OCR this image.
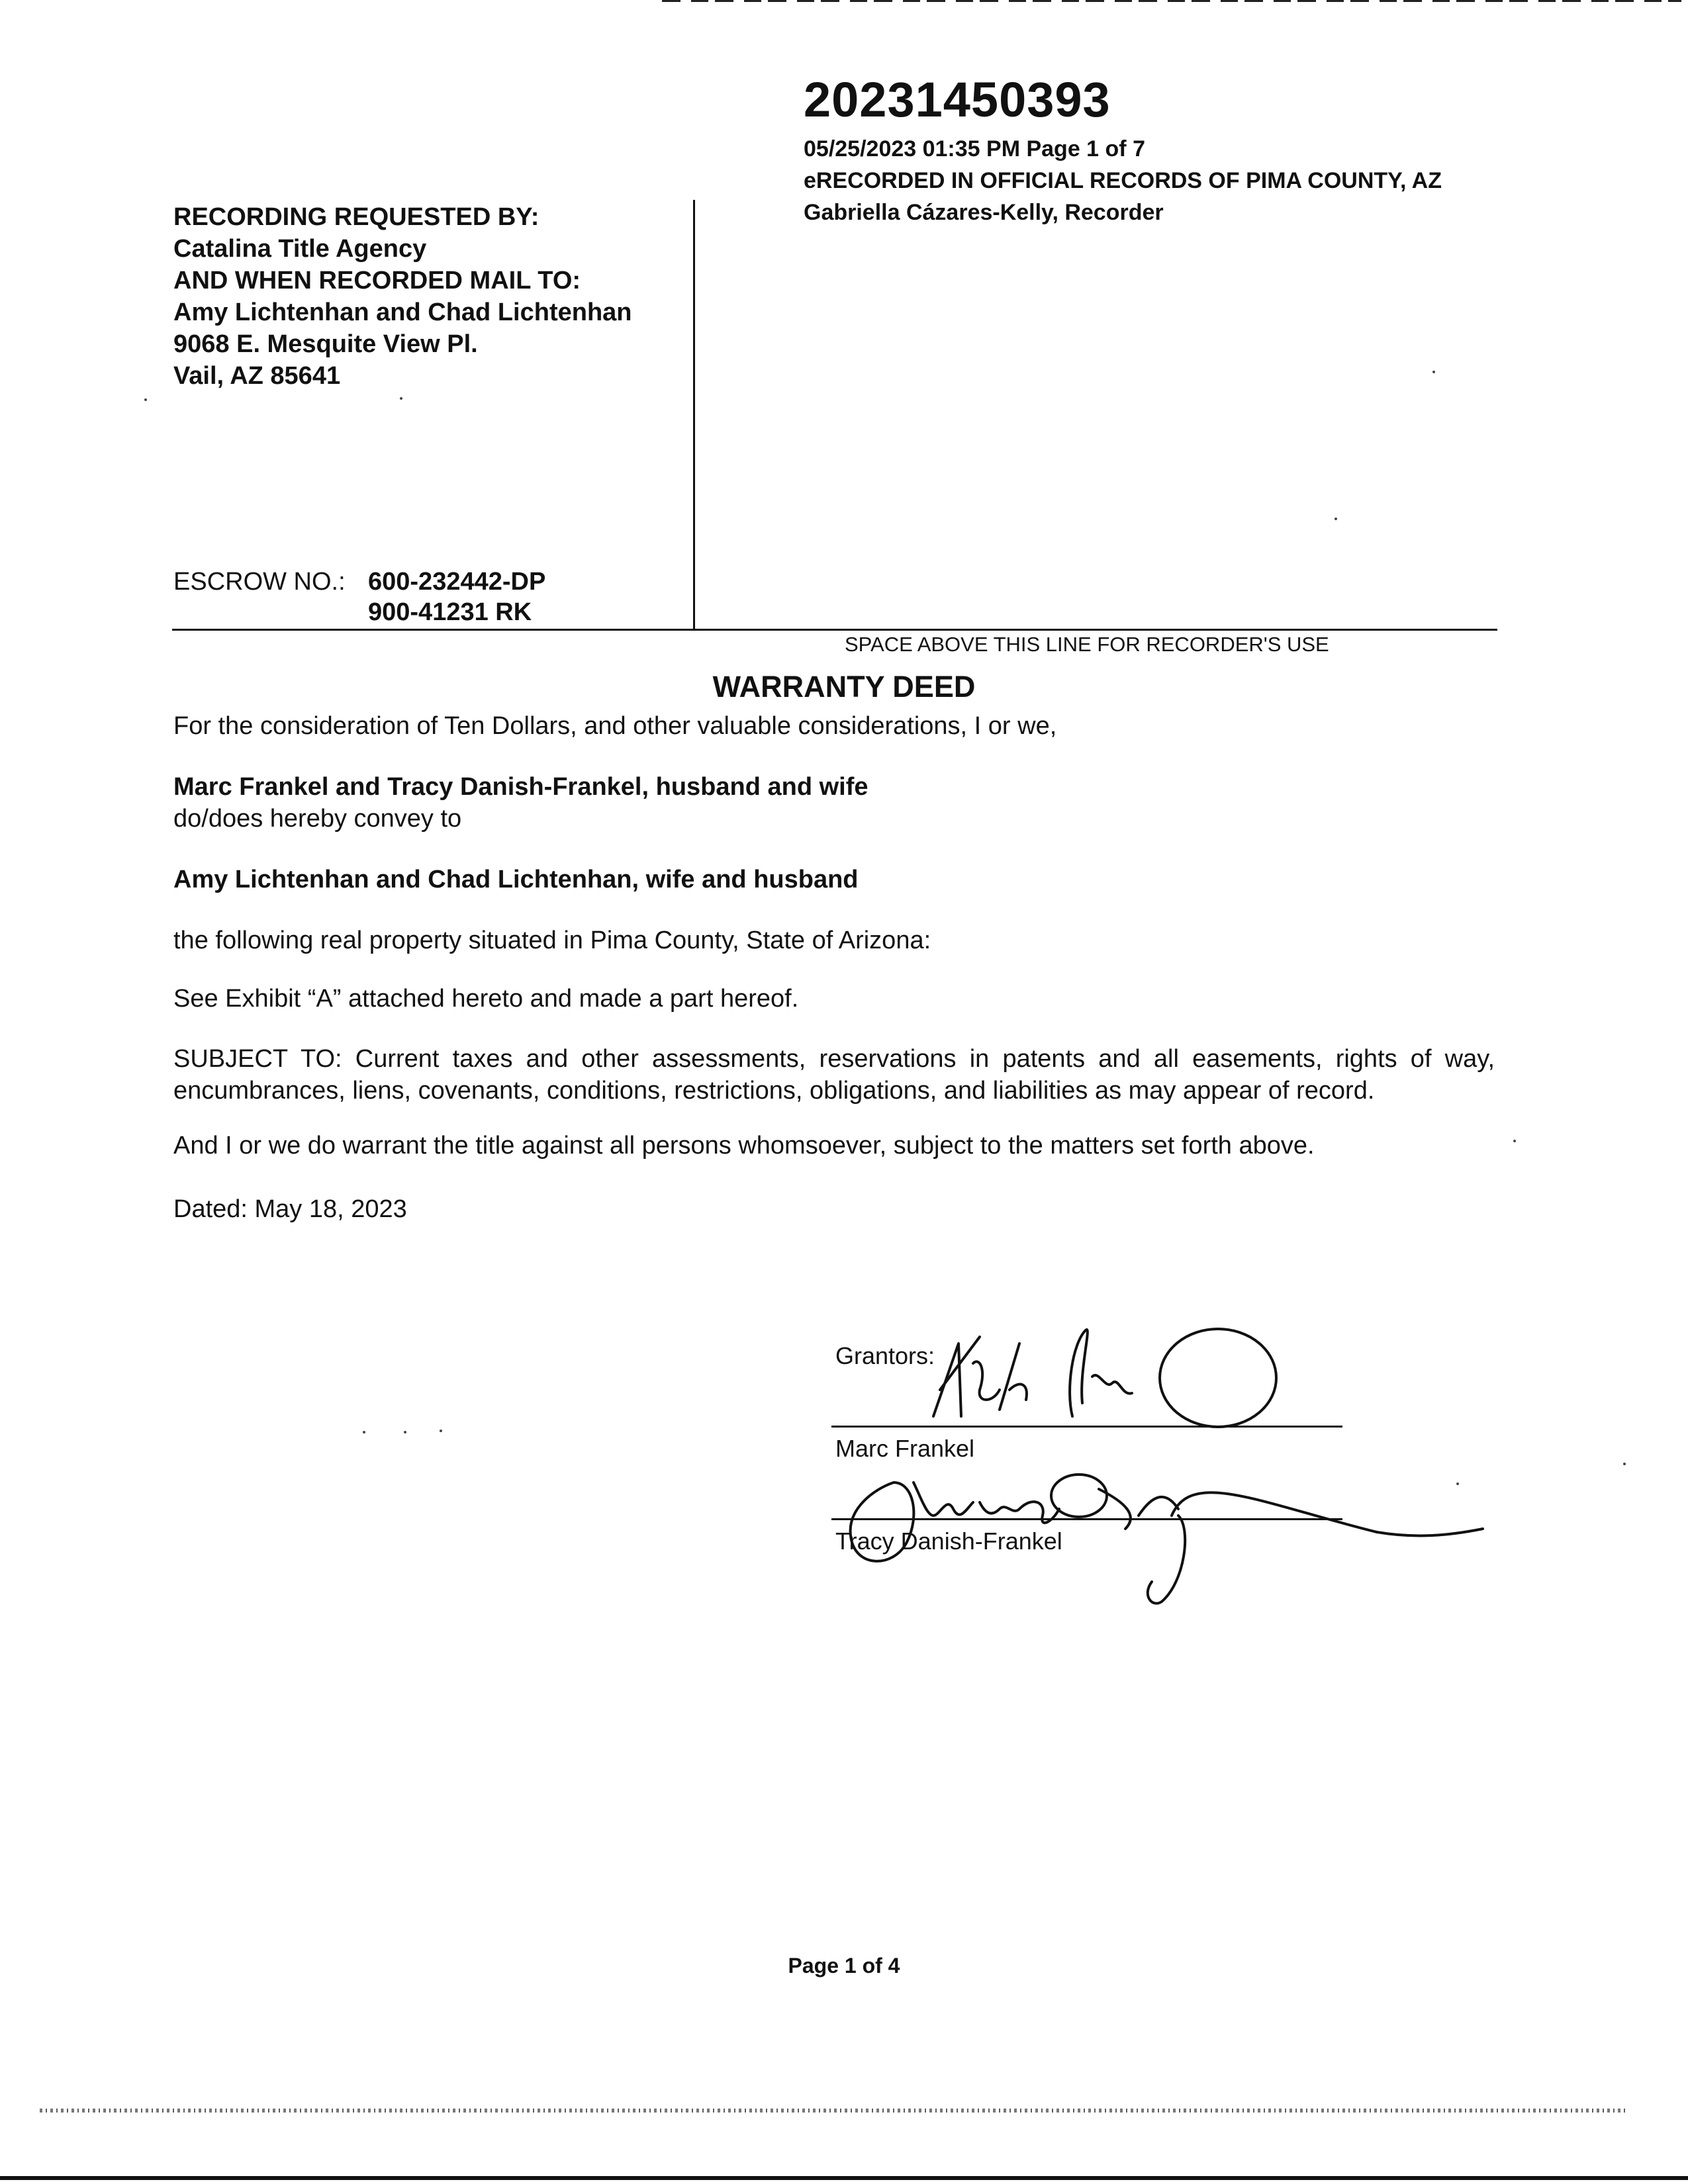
20231450393
05/25/2023 01:35 PM Page 1 of 7
eRECORDED IN OFFICIAL RECORDS OF PIMA COUNTY, AZ
Gabriella Cázares-Kelly, Recorder
RECORDING REQUESTED BY:
Catalina Title Agency
AND WHEN RECORDED MAIL TO:
Amy Lichtenhan and Chad Lichtenhan
9068 E. Mesquite View Pl.
Vail, AZ 85641
ESCROW NO.: 600-232442-DP
900-41231 RK
SPACE ABOVE THIS LINE FOR RECORDER'S USE
WARRANTY DEED
For the consideration of Ten Dollars, and other valuable considerations, I or we,
Marc Frankel and Tracy Danish-Frankel, husband and wife
do/does hereby convey to
Amy Lichtenhan and Chad Lichtenhan, wife and husband
the following real property situated in Pima County, State of Arizona:
See Exhibit “A” attached hereto and made a part hereof.
SUBJECT TO: Current taxes and other assessments, reservations in patents and all easements, rights of way, encumbrances, liens, covenants, conditions, restrictions, obligations, and liabilities as may appear of record.
And I or we do warrant the title against all persons whomsoever, subject to the matters set forth above.
Dated: May 18, 2023
Grantors:
Marc Frankel
Tracy Danish-Frankel
Page 1 of 4
